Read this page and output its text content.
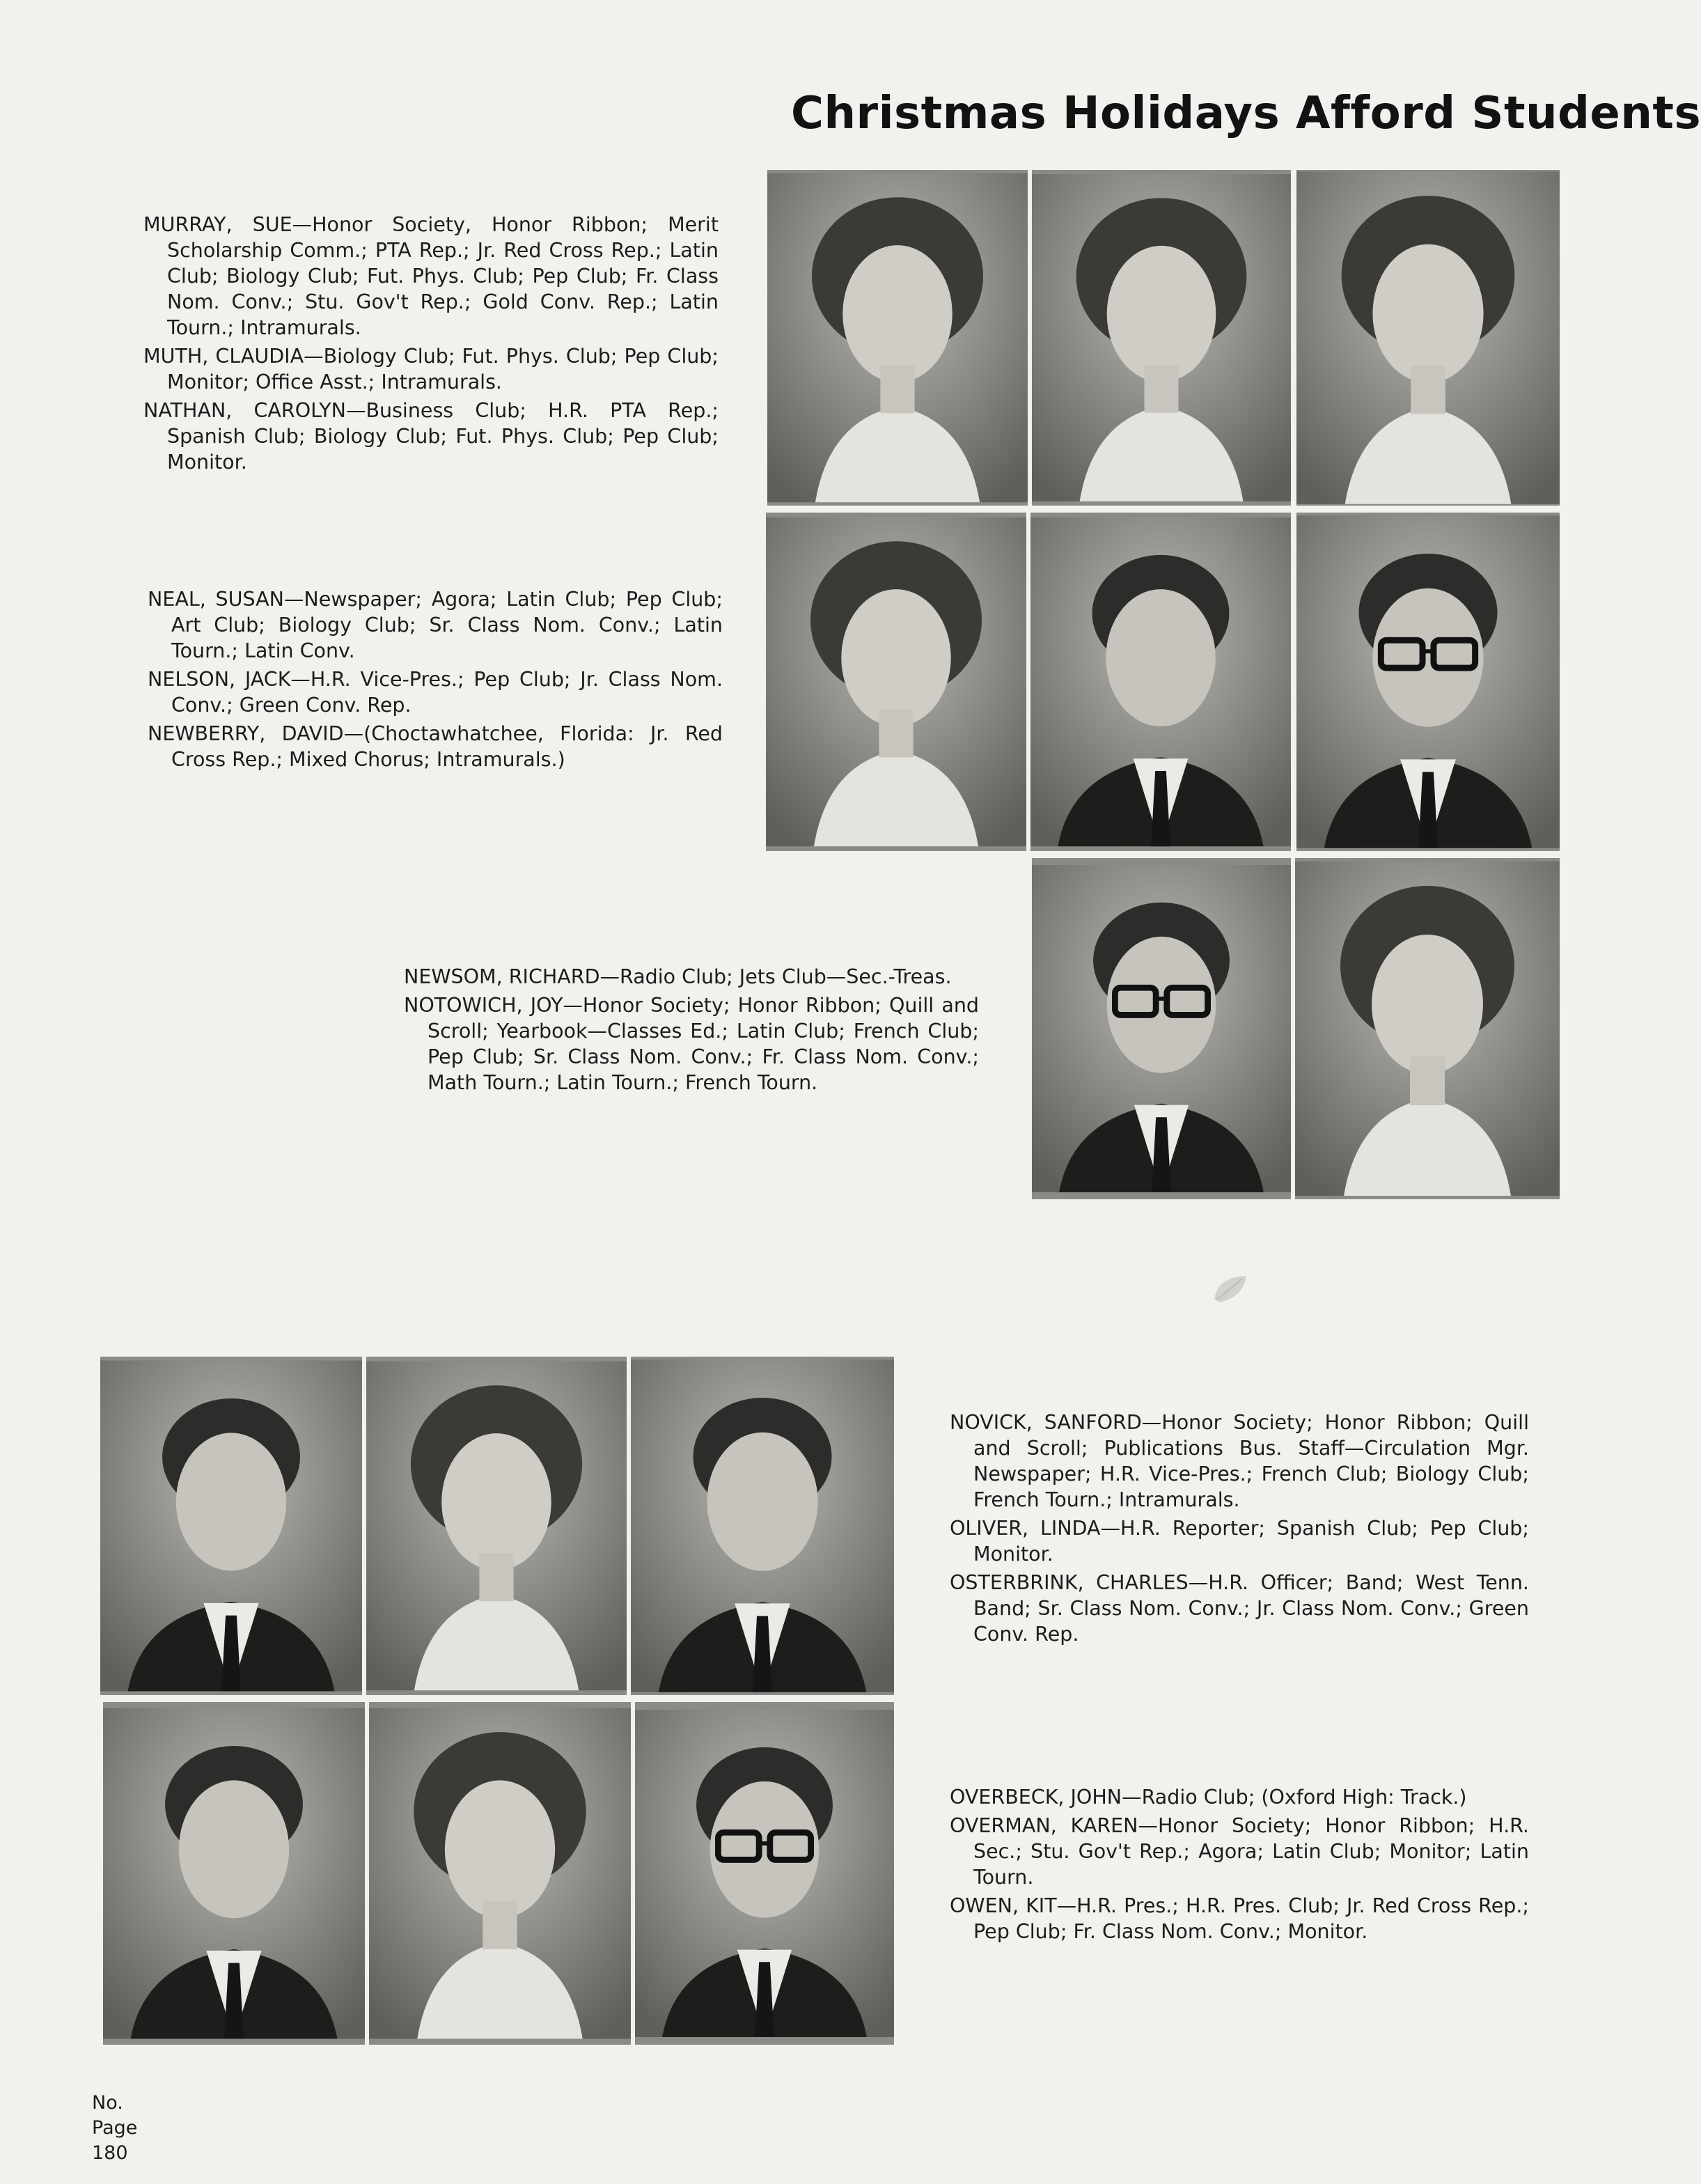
Christmas Holidays Afford Students

MURRAY, SUE—Honor Society, Honor Ribbon; Merit Scholarship Comm.; PTA Rep.; Jr. Red Cross Rep.; Latin Club; Biology Club; Fut. Phys. Club; Pep Club; Fr. Class Nom. Conv.; Stu. Gov't Rep.; Gold Conv. Rep.; Latin Tourn.; Intramurals.

MUTH, CLAUDIA—Biology Club; Fut. Phys. Club; Pep Club; Monitor; Office Asst.; Intramurals.

NATHAN, CAROLYN—Business Club; H.R. PTA Rep.; Spanish Club; Biology Club; Fut. Phys. Club; Pep Club; Monitor.

NEAL, SUSAN—Newspaper; Agora; Latin Club; Pep Club; Art Club; Biology Club; Sr. Class Nom. Conv.; Latin Tourn.; Latin Conv.

NELSON, JACK—H.R. Vice-Pres.; Pep Club; Jr. Class Nom. Conv.; Green Conv. Rep.

NEWBERRY, DAVID—(Choctawhatchee, Florida: Jr. Red Cross Rep.; Mixed Chorus; Intramurals.)

NEWSOM, RICHARD—Radio Club; Jets Club—Sec.-Treas.

NOTOWICH, JOY—Honor Society; Honor Ribbon; Quill and Scroll; Yearbook—Classes Ed.; Latin Club; French Club; Pep Club; Sr. Class Nom. Conv.; Fr. Class Nom. Conv.; Math Tourn.; Latin Tourn.; French Tourn.

NOVICK, SANFORD—Honor Society; Honor Ribbon; Quill and Scroll; Publications Bus. Staff—Circulation Mgr. Newspaper; H.R. Vice-Pres.; French Club; Biology Club; French Tourn.; Intramurals.

OLIVER, LINDA—H.R. Reporter; Spanish Club; Pep Club; Monitor.

OSTERBRINK, CHARLES—H.R. Officer; Band; West Tenn. Band; Sr. Class Nom. Conv.; Jr. Class Nom. Conv.; Green Conv. Rep.

OVERBECK, JOHN—Radio Club; (Oxford High: Track.)

OVERMAN, KAREN—Honor Society; Honor Ribbon; H.R. Sec.; Stu. Gov't Rep.; Agora; Latin Club; Monitor; Latin Tourn.

OWEN, KIT—H.R. Pres.; H.R. Pres. Club; Jr. Red Cross Rep.; Pep Club; Fr. Class Nom. Conv.; Monitor.

No.
Page
180
